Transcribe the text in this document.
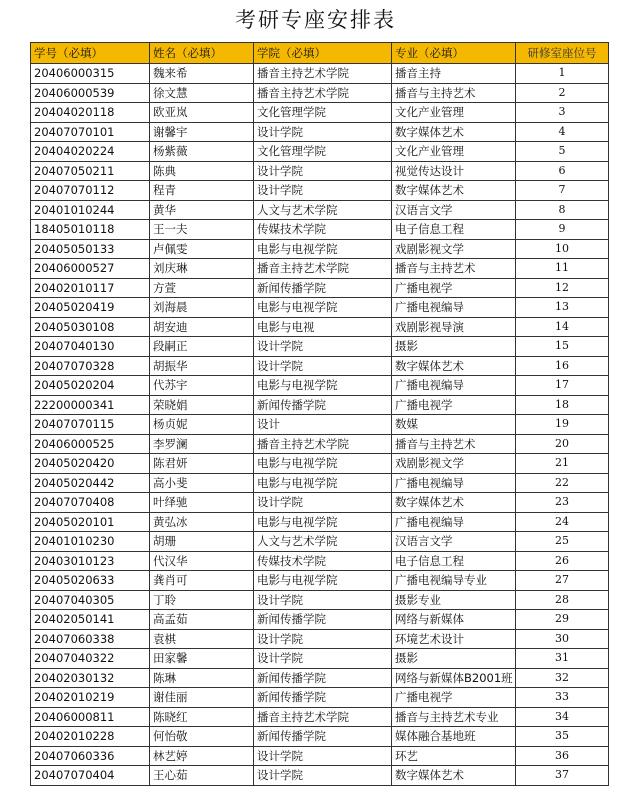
考研专座安排表
学号（必填）	姓名（必填）	学院（必填）	专业（必填）	研修室座位号
20406000315	魏来希	播音主持艺术学院	播音主持	1
20406000539	徐文慧	播音主持艺术学院	播音与主持艺术	2
20404020118	欧亚岚	文化管理学院	文化产业管理	3
20407070101	谢馨宇	设计学院	数字媒体艺术	4
20404020224	杨紫薇	文化管理学院	文化产业管理	5
20407050211	陈典	设计学院	视觉传达设计	6
20407070112	程青	设计学院	数字媒体艺术	7
20401010244	黄华	人文与艺术学院	汉语言文学	8
18405010118	王一夫	传媒技术学院	电子信息工程	9
20405050133	卢佩雯	电影与电视学院	戏剧影视文学	10
20406000527	刘庆琳	播音主持艺术学院	播音与主持艺术	11
20402010117	方萱	新闻传播学院	广播电视学	12
20405020419	刘海晨	电影与电视学院	广播电视编导	13
20405030108	胡安迪	电影与电视	戏剧影视导演	14
20407040130	段嗣正	设计学院	摄影	15
20407070328	胡振华	设计学院	数字媒体艺术	16
20405020204	代苏宇	电影与电视学院	广播电视编导	17
22200000341	荣晓娟	新闻传播学院	广播电视学	18
20407070115	杨贞妮	设计	数媒	19
20406000525	李罗澜	播音主持艺术学院	播音与主持艺术	20
20405020420	陈君妍	电影与电视学院	戏剧影视文学	21
20405020442	高小斐	电影与电视学院	广播电视编导	22
20407070408	叶绎驰	设计学院	数字媒体艺术	23
20405020101	黄弘冰	电影与电视学院	广播电视编导	24
20401010230	胡珊	人文与艺术学院	汉语言文学	25
20403010123	代汉华	传媒技术学院	电子信息工程	26
20405020633	龚肖可	电影与电视学院	广播电视编导专业	27
20407040305	丁聆	设计学院	摄影专业	28
20402050141	高孟茹	新闻传播学院	网络与新媒体	29
20407060338	袁棋	设计学院	环境艺术设计	30
20407040322	田家馨	设计学院	摄影	31
20402030132	陈琳	新闻传播学院	网络与新媒体B2001班	32
20402010219	谢佳丽	新闻传播学院	广播电视学	33
20406000811	陈晓红	播音主持艺术学院	播音与主持艺术专业	34
20402010228	何怡敬	新闻传播学院	媒体融合基地班	35
20407060336	林艺婷	设计学院	环艺	36
20407070404	王心茹	设计学院	数字媒体艺术	37
